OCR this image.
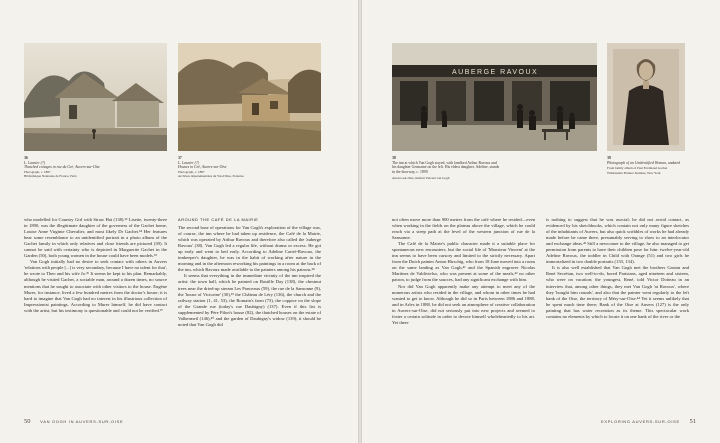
36
L. Lasnier (?)
Thatched cottages in rue du Gré, Auvers-sur-Oise
Photograph, c. 1887
Bibliothèque Nationale de France, Paris
37
L. Lasnier (?)
Houses in Gré, Auvers-sur-Oise
Photograph, c. 1887
Archives départementales du Val-d'Oise, Pontoise

who modelled for Country Girl with Straw Hat (138).³³ Lisette, twenty-three in 1890, was the illegitimate daughter of the governess of the Gachet home, Louise Anne Virginie Chevalier, and most likely Dr Gachet.³⁴ Her features bear some resemblance to an unidentified portrait in a photo album of the Gachet family in which only relatives and close friends are pictured (39). It cannot be said with certainty who is depicted in Marguerite Gachet in the Garden (50), both young women in the house could have been models.³⁵

Van Gogh initially had no desire to seek contact with others in Auvers 'relations with people [...] is very secondary, because I have no talent for that', he wrote to Theo and his wife Jo.³⁶ It seems he kept to his plan. Remarkably, although he visited Gachet, a sociable man, around a dozen times, no source mentions that he sought to associate with other visitors to the house. Eugène Murer, for instance, lived a few hundred metres from the doctor's house; it is hard to imagine that Van Gogh had no interest in his illustrious collection of Impressionist paintings. According to Murer himself, he did have contact with the artist, but his testimony is questionable and could not be verified.³⁷

AROUND THE CAFÉ DE LA MAIRIE

The second base of operations for Van Gogh's exploration of the village was, of course, the inn where he had taken up residence, the Café de la Mairie, which was operated by Arthur Ravoux and therefore also called the 'auberge Ravoux' (38). Van Gogh led a regular life, without drama or excess. He got up early and went to bed early. According to Adeline Carrié-Ravoux, the innkeeper's daughter, he was in the habit of working after nature in the morning and in the afternoon reworking his paintings in a room at the back of the inn, which Ravoux made available to the painters among his patrons.³⁸

It seems that everything in the immediate vicinity of the inn inspired the artist: the town hall, which he painted on Bastille Day (138), the chestnut trees near the dried-up stream Les Ponceaux (59), the rue de la Sansonne (9), the 'house of Victorine' (30),³⁹ the Château de Léry (136), the church and the railway station (1, 41, 53), the Romain's farm (73), the coppice on the slope of the Grande rue (today's rue Daubigny) (137). Even if this list is supplemented by Père Pilon's house (82), the thatched houses on the estate of Valhermeil (146),⁴⁰ and the garden of Daubigny's widow (139), it should be noted that Van Gogh did

50 VAN GOGH IN AUVERS-SUR-OISE
AUBERGE RAVOUX
38
The inn at which Van Gogh stayed, with landlord Arthur Ravoux and his daughter Germaine on the left. His eldest daughter, Adeline, stands in the doorway, c. 1890
Auvers-sur-Oise, Institut Vincent van Gogh
39
Photograph of an Unidentified Woman, undated
From family album of Paul Ferdinand Gachet
Wildenstein Plattner Institute, New York

not often move more than 900 metres from the café where he resided—even when working in the fields on the plateau above the village, which he could reach via a steep path at the level of the western junction of rue de la Sansonne.

The Café de la Mairie's public character made it a suitable place for spontaneous new encounters, but the social life of 'Monsieur Vincent' at the inn seems to have been cursory and limited to the strictly necessary. Apart from the Dutch painter Anton Hirschig, who from 18 June moved into a room on the same landing as Van Gogh,⁴¹ and the Spanish engraver Nicolas Martínez de Valdivielso, who was present at some of the meals,⁴² no other patron, to judge from the sources, had any significant exchange with him.

Nor did Van Gogh apparently make any attempt to meet any of the numerous artists who resided in the village, and whom in other times he had wanted to get to know. Although he did so in Paris between 1886 and 1888, and in Arles in 1888, he did not seek an atmosphere of creative collaboration in Auvers-sur-Oise, did not seriously put into new projects and seemed to foster a certain solitude in order to devote himself wholeheartedly to his art. Yet there

is nothing to suggest that he was asocial; he did not avoid contact, as evidenced by his sketchbooks, which contain not only many figure sketches of the inhabitants of Auvers, but also quick scribbles of works he had already made before he came there, presumably serving to show to an interlocutor and exchange ideas.⁴³ Still a newcomer to the village, he also managed to get permission from parents to have their children pose for him: twelve-year-old Adeline Ravoux, the toddler in Child with Orange (51) and two girls he immortalized in two double portraits (133, 134).

It is also well established that Van Gogh met the brothers Gaston and René Secrétan, two well-to-do, bored Parisians, aged nineteen and sixteen, who were on vacation; the youngest, René, told Victor Doiteau in an interview that, among other things, they met Van Gogh 'at Ravoux', where they 'bought him rounds', and also that the painter went regularly to the left bank of the Oise, the territory of Méry-sur-Oise.⁴⁴ Yet it seems unlikely that he spent much time there; Bank of the Oise at Auvers (127) is the only painting that has water recreation as its theme. This spectacular work contains no elements by which to locate it on one bank of the river or the

EXPLORING AUVERS-SUR-OISE 51
